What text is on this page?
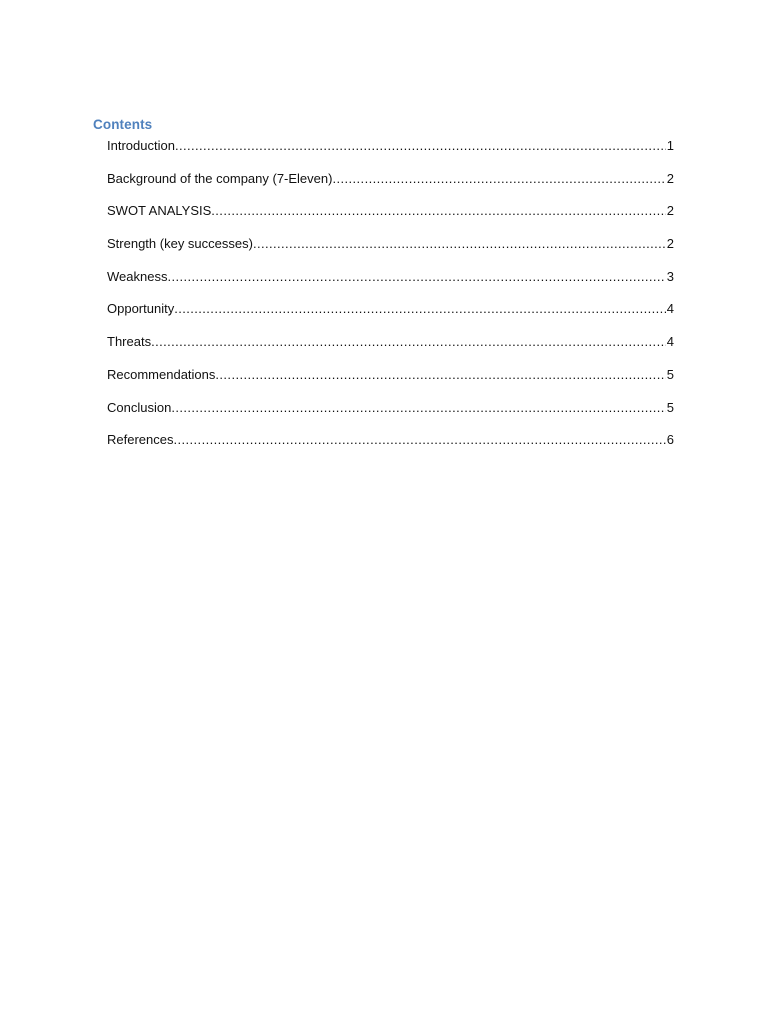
Contents
Introduction .....	1
Background of the company (7-Eleven) .....	2
SWOT ANALYSIS .....	2
Strength (key successes) .....	2
Weakness .....	3
Opportunity .....	4
Threats .....	4
Recommendations .....	5
Conclusion .....	5
References .....	6
